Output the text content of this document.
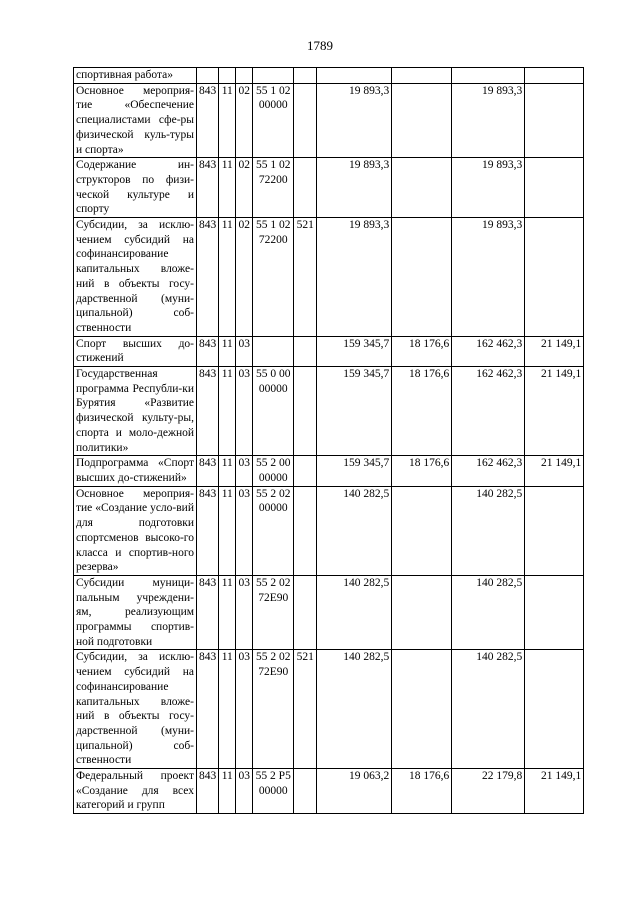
1789
спортивная работа»									
Основное мероприя-тие «Обеспечение специалистами сфе-ры физической куль-туры и спорта»	843	11	02	55 1 02 00000		19 893,3		19 893,3	
Содержание ин-структоров по физи-ческой культуре и спорту	843	11	02	55 1 02 72200		19 893,3		19 893,3	
Субсидии, за исклю-чением субсидий на софинансирование капитальных вложе-ний в объекты госу-дарственной (муни-ципальной) соб-ственности	843	11	02	55 1 02 72200	521	19 893,3		19 893,3	
Спорт высших до-стижений	843	11	03			159 345,7	18 176,6	162 462,3	21 149,1
Государственная программа Республи-ки Бурятия «Развитие физической культу-ры, спорта и моло-дежной политики»	843	11	03	55 0 00 00000		159 345,7	18 176,6	162 462,3	21 149,1
Подпрограмма «Спорт высших до-стижений»	843	11	03	55 2 00 00000		159 345,7	18 176,6	162 462,3	21 149,1
Основное мероприя-тие «Создание усло-вий для подготовки спортсменов высоко-го класса и спортив-ного резерва»	843	11	03	55 2 02 00000		140 282,5		140 282,5	
Субсидии муници-пальным учреждени-ям, реализующим программы спортив-ной подготовки	843	11	03	55 2 02 72E90		140 282,5		140 282,5	
Субсидии, за исклю-чением субсидий на софинансирование капитальных вложе-ний в объекты госу-дарственной (муни-ципальной) соб-ственности	843	11	03	55 2 02 72E90	521	140 282,5		140 282,5	
Федеральный проект «Создание для всех категорий и групп	843	11	03	55 2 P5 00000		19 063,2	18 176,6	22 179,8	21 149,1
